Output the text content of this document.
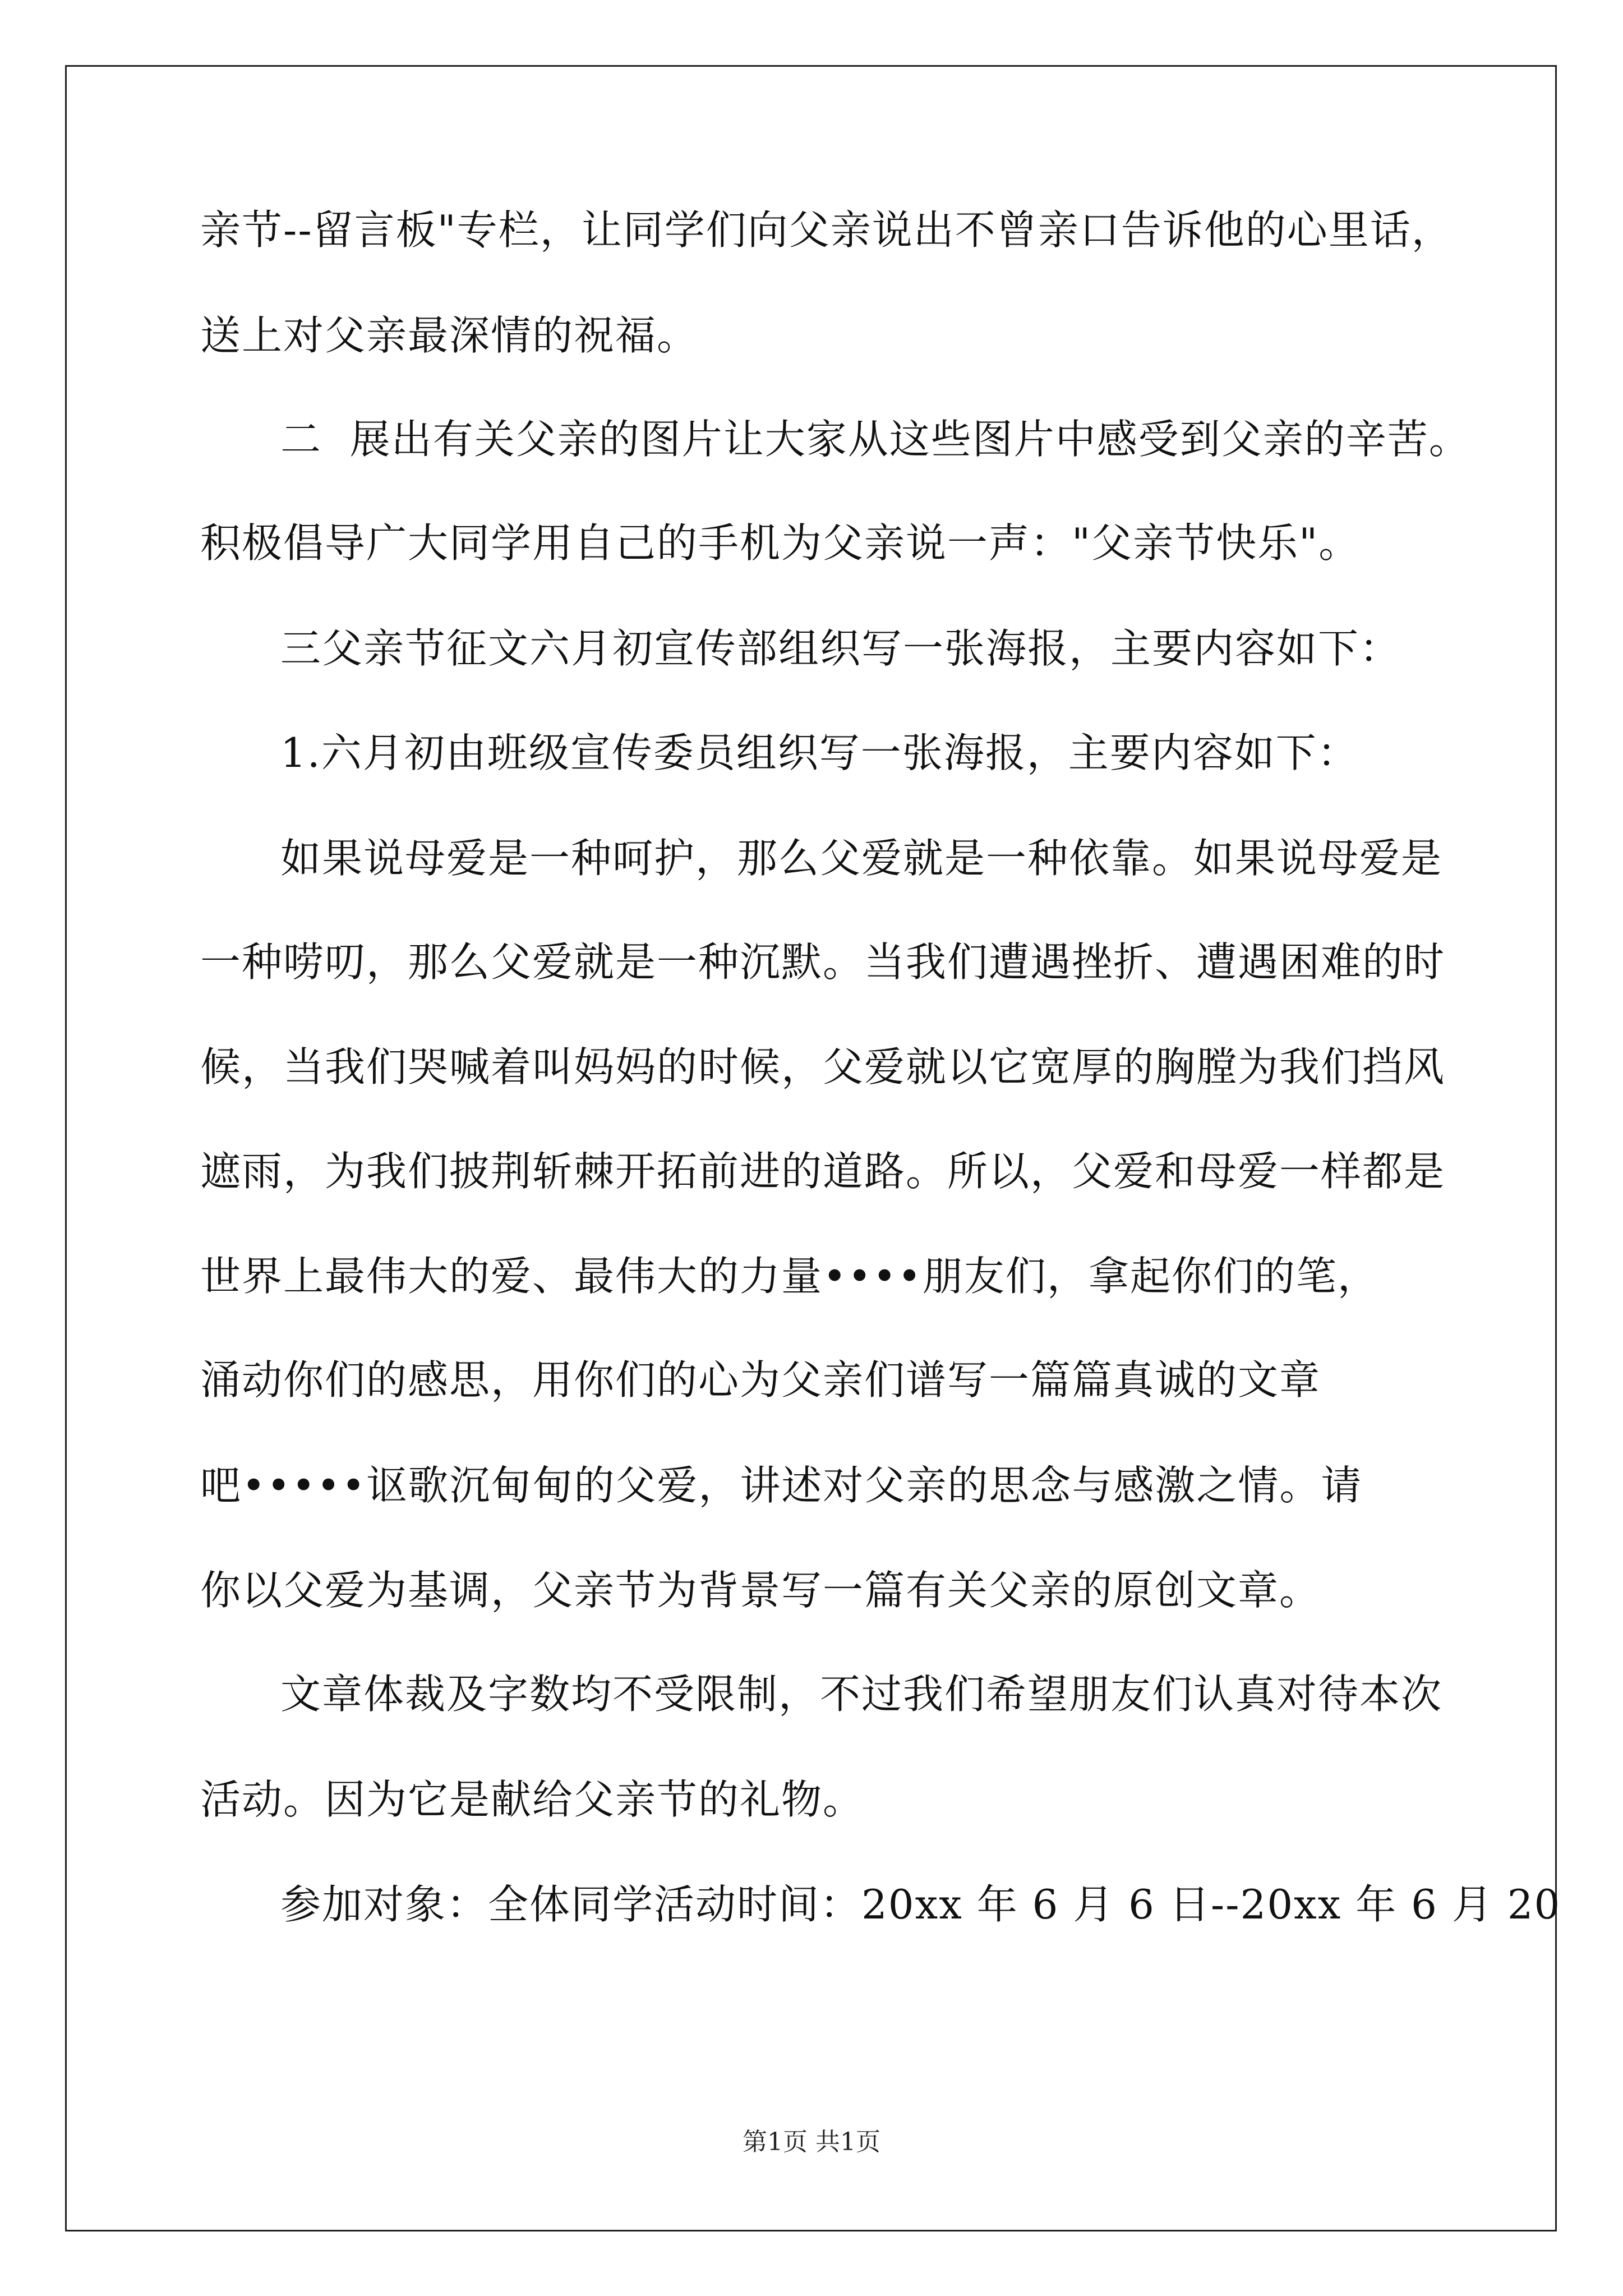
亲节--留言板"专栏，让同学们向父亲说出不曾亲口告诉他的心里话，
送上对父亲最深情的祝福。
二  展出有关父亲的图片让大家从这些图片中感受到父亲的辛苦。
积极倡导广大同学用自己的手机为父亲说一声："父亲节快乐"。
三父亲节征文六月初宣传部组织写一张海报，主要内容如下：
1.六月初由班级宣传委员组织写一张海报，主要内容如下：
如果说母爱是一种呵护，那么父爱就是一种依靠。如果说母爱是
一种唠叨，那么父爱就是一种沉默。当我们遭遇挫折、遭遇困难的时
候，当我们哭喊着叫妈妈的时候，父爱就以它宽厚的胸膛为我们挡风
遮雨，为我们披荆斩棘开拓前进的道路。所以，父爱和母爱一样都是
世界上最伟大的爱、最伟大的力量••••朋友们，拿起你们的笔，
涌动你们的感思，用你们的心为父亲们谱写一篇篇真诚的文章
吧•••••讴歌沉甸甸的父爱，讲述对父亲的思念与感激之情。请
你以父爱为基调，父亲节为背景写一篇有关父亲的原创文章。
文章体裁及字数均不受限制，不过我们希望朋友们认真对待本次
活动。因为它是献给父亲节的礼物。
参加对象：全体同学活动时间：20xx 年 6 月 6 日--20xx 年 6 月 20
第1页 共1页
